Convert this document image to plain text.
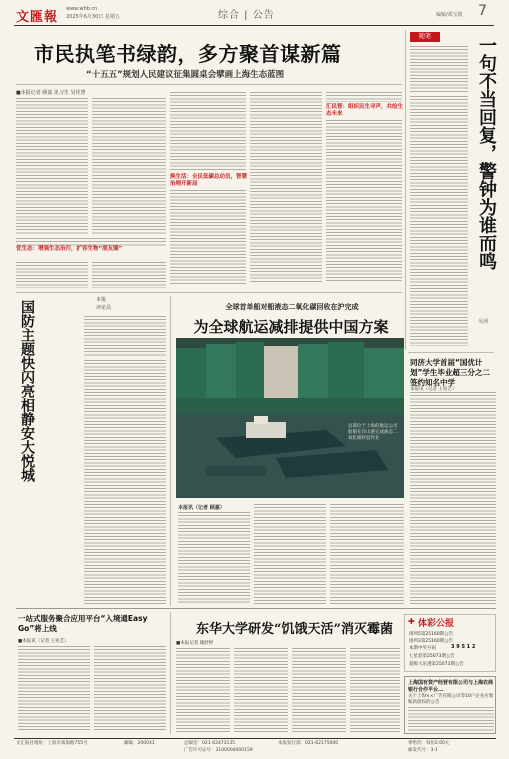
文匯報
www.whb.cn
2025年6月30日 星期五	综合 | 公告	编辑/邓宝银 7
市民执笔书绿韵，多方聚首谋新篇
“十五五”规划人民建议征集圆桌会擘画上海生态蓝图
■本报记者 顾嘉 见习生 吴佳慧
焕生活：全民低碳总动员，智慧治理开新局
汇民智：组织民生寻声，共绘生态未来
优生态：增强生态治污，扩容生物“朋友圈”
随笔	一句不当回复，警钟为谁而鸣
吴洲
本报
评论员
国防主题快闪亮相静安大悦城	全球首单船对船液态二氧化碳回收在沪完成
为全球航运减排提供中国方案
总部位于上海的航运公司船舶在洋山港完成液态二氧化碳转驳作业
本报讯（记者 顾嘉）
同济大学首届“国优计划”学生毕业超三分之二签约知名中学
本报讯（记者 王宛艺）
一站式服务聚合应用平台“入境通Easy Go”将上线
■本报讯（记者 王宛艺）
东华大学研发“饥饿天活”消灭霉菌
■本报记者 储舒婷
✚ 体彩公报
排列5第25160期公告
排列3第25160期公告
本期中奖号码	3 9 5 1 2
七星彩第25073期公告
超级大乐透第25073期公告
上海国有资产经营有限公司与上海农商银行合作平台...
关于上海××广告有限公司等10户企业应收账款债权的公告
文汇报社地址：上海市威海路755号	邮编：200041	总编室：021-62473135	本报发行部：021-62175000	零售价：每份2.00元
广告许可证号：3100004000159	邮发代号：3-1
